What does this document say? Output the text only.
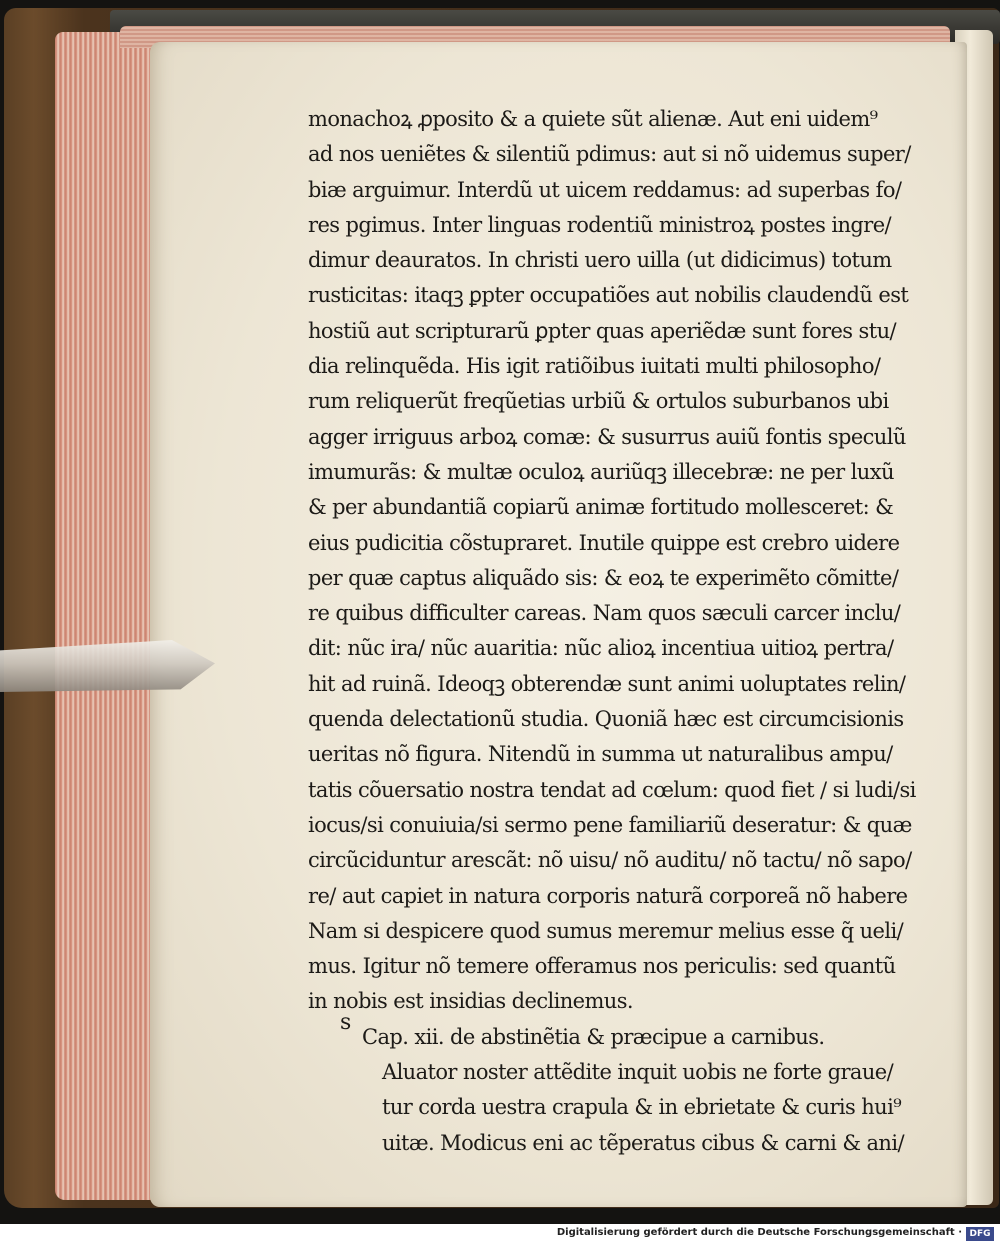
monachoꝝ ꝓposito & a quiete sũt alienæ. Aut eni uidem⁹
ad nos ueniẽtes & silentiũ pdimus: aut si nõ uidemus super/
biæ arguimur. Interdũ ut uicem reddamus: ad superbas fo/
res pgimus. Inter linguas rodentiũ ministroꝝ postes ingre/
dimur deauratos. In christi uero uilla (ut didicimus) totum
rusticitas: itaqꝫ ꝑpter occupatiões aut nobilis claudendũ est
hostiũ aut scripturarũ ꝑpter quas aperiẽdæ sunt fores stu/
dia relinquẽda. His igit ratiõibus iuitati multi philosopho/
rum reliquerũt freqũetias urbiũ & ortulos suburbanos ubi
agger irriguus arboꝝ comæ: & susurrus auiũ fontis speculũ
imumurãs: & multæ oculoꝝ auriũqꝫ illecebræ: ne per luxũ
& per abundantiã copiarũ animæ fortitudo mollesceret: &
eius pudicitia cõstupraret. Inutile quippe est crebro uidere
per quæ captus aliquãdo sis: & eoꝝ te experimẽto cõmitte/
re quibus difficulter careas. Nam quos sæculi carcer inclu/
dit: nũc ira/ nũc auaritia: nũc alioꝝ incentiua uitioꝝ pertra/
hit ad ruinã. Ideoqꝫ obterendæ sunt animi uoluptates relin/
quenda delectationũ studia. Quoniã hæc est circumcisionis
ueritas nõ figura. Nitendũ in summa ut naturalibus ampu/
tatis cõuersatio nostra tendat ad cœlum: quod fiet / si ludi/si
iocus/si conuiuia/si sermo pene familiariũ deseratur: & quæ
circũciduntur arescãt: nõ uisu/ nõ auditu/ nõ tactu/ nõ sapo/
re/ aut capiet in natura corporis naturã corporeã nõ habere
Nam si despicere quod sumus meremur melius esse q̃ ueli/
mus. Igitur nõ temere offeramus nos periculis: sed quantũ
in nobis est insidias declinemus.
Cap. xii. de abstinẽtia & præcipue a carnibus.
Aluator noster attẽdite inquit uobis ne forte graue/
tur corda uestra crapula & in ebrietate & curis hui⁹
uitæ. Modicus eni ac tẽperatus cibus & carni & ani/
s
Digitalisierung gefördert durch die Deutsche Forschungsgemeinschaft · DFG
